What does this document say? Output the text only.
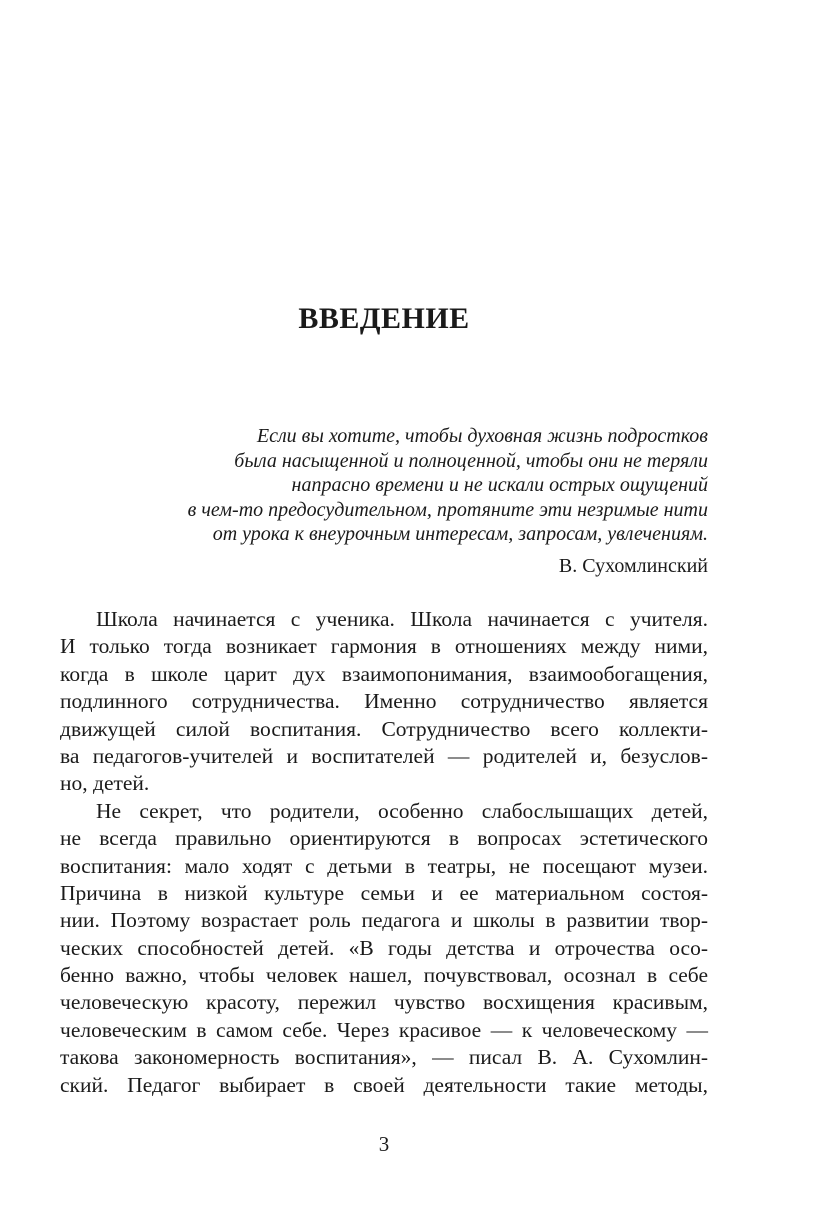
ВВЕДЕНИЕ
Если вы хотите, чтобы духовная жизнь подростков
была насыщенной и полноценной, чтобы они не теряли
напрасно времени и не искали острых ощущений
в чем-то предосудительном, протяните эти незримые нити
от урока к внеурочным интересам, запросам, увлечениям.
В. Сухомлинский
Школа начинается с ученика. Школа начинается с учителя.
И только тогда возникает гармония в отношениях между ними,
когда в школе царит дух взаимопонимания, взаимообогащения,
подлинного сотрудничества. Именно сотрудничество является
движущей силой воспитания. Сотрудничество всего коллекти-
ва педагогов-учителей и воспитателей — родителей и, безуслов-
но, детей.
Не секрет, что родители, особенно слабослышащих детей,
не всегда правильно ориентируются в вопросах эстетического
воспитания: мало ходят с детьми в театры, не посещают музеи.
Причина в низкой культуре семьи и ее материальном состоя-
нии. Поэтому возрастает роль педагога и школы в развитии твор-
ческих способностей детей. «В годы детства и отрочества осо-
бенно важно, чтобы человек нашел, почувствовал, осознал в себе
человеческую красоту, пережил чувство восхищения красивым,
человеческим в самом себе. Через красивое — к человеческому —
такова закономерность воспитания», — писал В. А. Сухомлин-
ский. Педагог выбирает в своей деятельности такие методы,
3
